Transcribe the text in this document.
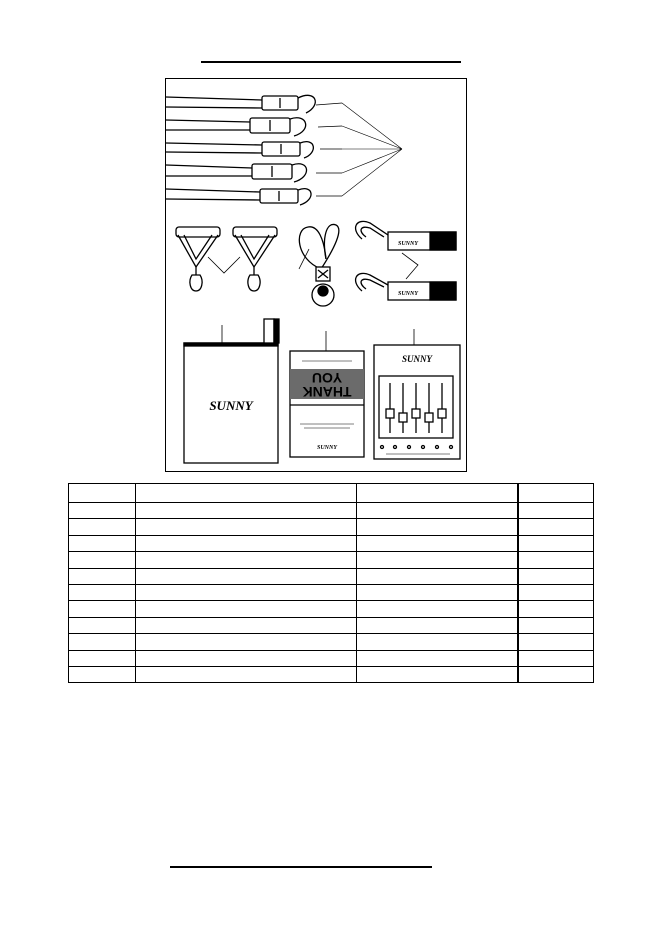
SUNNY
SUNNY
SUNNY
SUNNY
SUNNY
THANK
YOU
